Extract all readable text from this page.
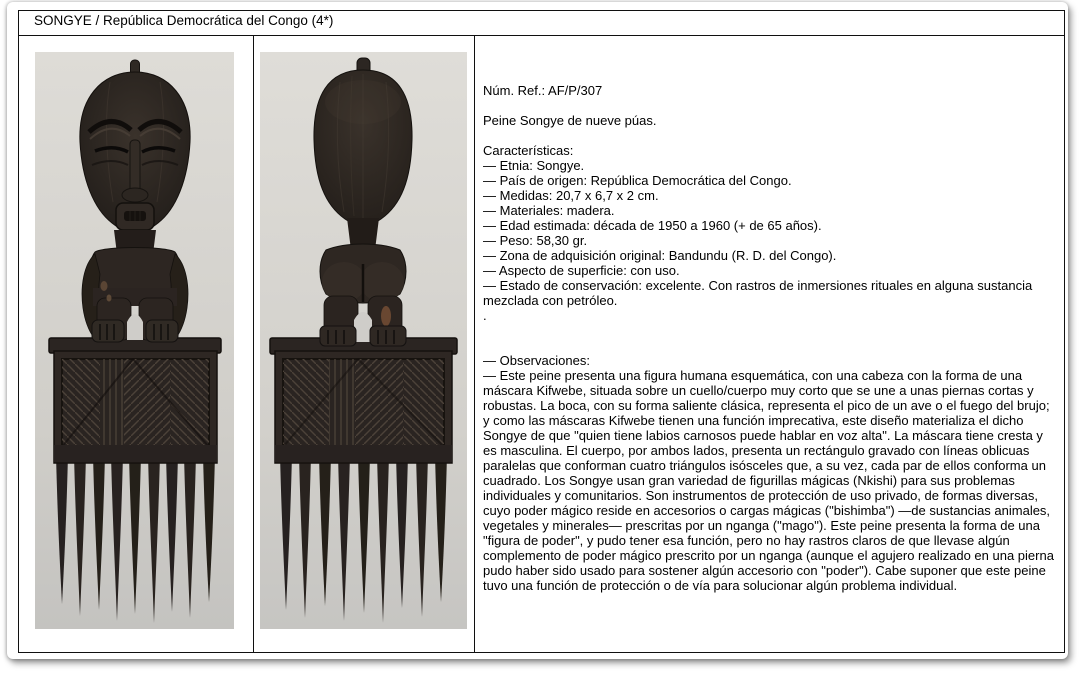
SONGYE / República Democrática del Congo (4*)
Núm. Ref.: AF/P/307
Peine Songye de nueve púas.
Características:
— Etnia: Songye.
— País de origen: República Democrática del Congo.
— Medidas: 20,7 x 6,7 x 2 cm.
— Materiales: madera.
— Edad estimada: década de 1950 a 1960 (+ de 65 años).
— Peso: 58,30 gr.
— Zona de adquisición original: Bandundu (R. D. del Congo).
— Aspecto de superficie: con uso.
— Estado de conservación: excelente. Con rastros de inmersiones rituales en alguna sustancia mezclada con petróleo.
.
— Observaciones:
— Este peine presenta una figura humana esquemática, con una cabeza con la forma de una máscara Kifwebe, situada sobre un cuello/cuerpo muy corto que se une a unas piernas cortas y robustas. La boca, con su forma saliente clásica, representa el pico de un ave o el fuego del brujo; y como las máscaras Kifwebe tienen una función imprecativa, este diseño materializa el dicho Songye de que "quien tiene labios carnosos puede hablar en voz alta". La máscara tiene cresta y es masculina. El cuerpo, por ambos lados, presenta un rectángulo gravado con líneas oblicuas paralelas que conforman cuatro triángulos isósceles que, a su vez, cada par de ellos conforma un cuadrado. Los Songye usan gran variedad de figurillas mágicas (Nkishi) para sus problemas individuales y comunitarios. Son instrumentos de protección de uso privado, de formas diversas, cuyo poder mágico reside en accesorios o cargas mágicas ("bishimba") —de sustancias animales, vegetales y minerales— prescritas por un nganga ("mago"). Este peine presenta la forma de una "figura de poder", y pudo tener esa función, pero no hay rastros claros de que llevase algún complemento de poder mágico prescrito por un nganga (aunque el agujero realizado en una pierna pudo haber sido usado para sostener algún accesorio con "poder"). Cabe suponer que este peine tuvo una función de protección o de vía para solucionar algún problema individual.
